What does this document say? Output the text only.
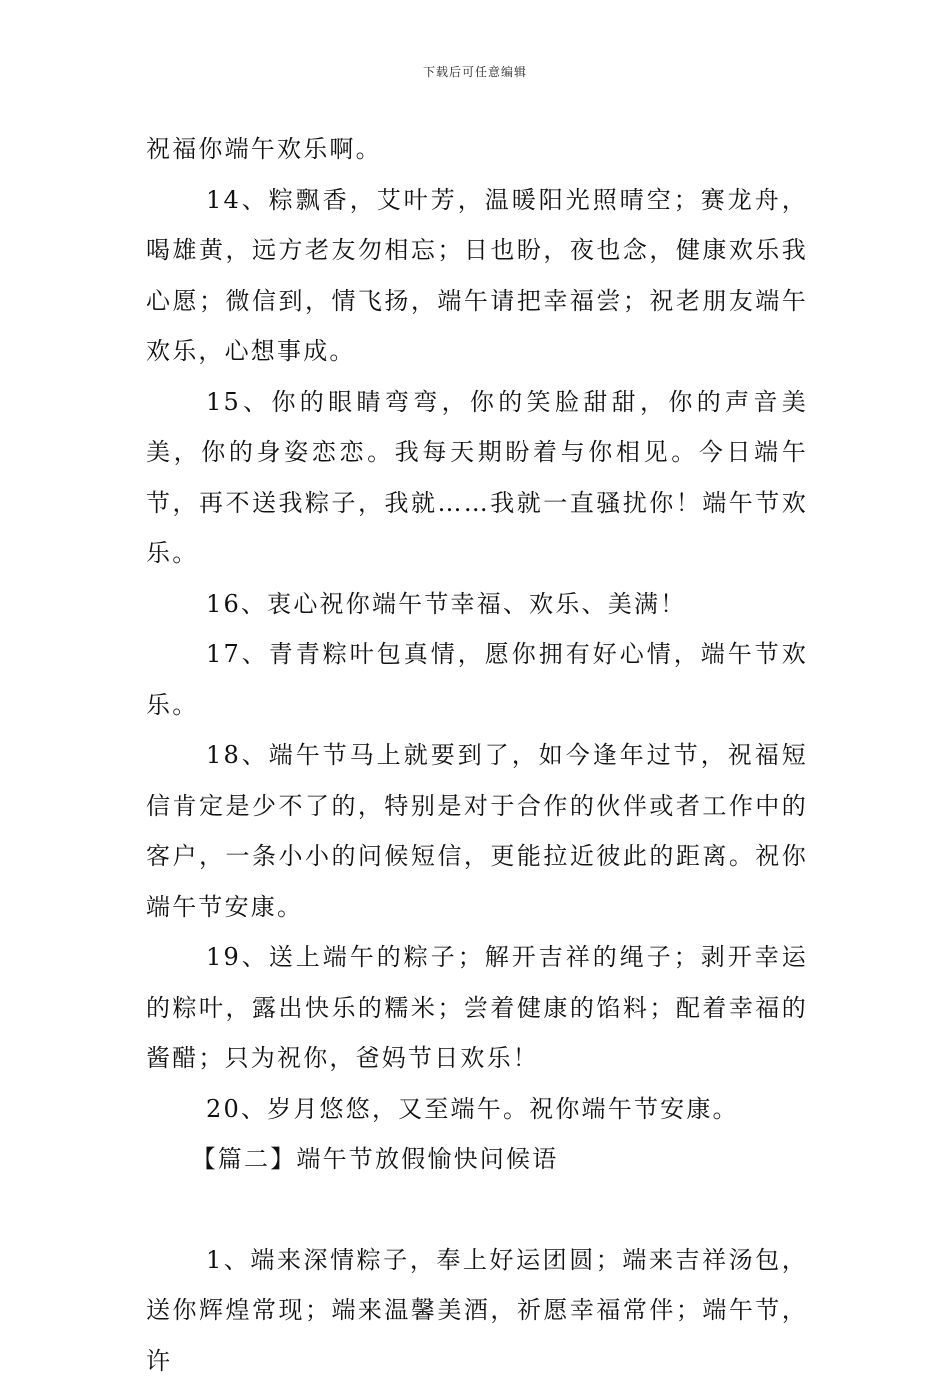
下载后可任意编辑

祝福你端午欢乐啊。

14、粽飘香，艾叶芳，温暖阳光照晴空；赛龙舟，喝雄黄，远方老友勿相忘；日也盼，夜也念，健康欢乐我心愿；微信到，情飞扬，端午请把幸福尝；祝老朋友端午欢乐，心想事成。

15、你的眼睛弯弯，你的笑脸甜甜，你的声音美美，你的身姿恋恋。我每天期盼着与你相见。今日端午节，再不送我粽子，我就……我就一直骚扰你！端午节欢乐。

16、衷心祝你端午节幸福、欢乐、美满！

17、青青粽叶包真情，愿你拥有好心情，端午节欢乐。

18、端午节马上就要到了，如今逢年过节，祝福短信肯定是少不了的，特别是对于合作的伙伴或者工作中的客户，一条小小的问候短信，更能拉近彼此的距离。祝你端午节安康。

19、送上端午的粽子；解开吉祥的绳子；剥开幸运的粽叶，露出快乐的糯米；尝着健康的馅料；配着幸福的酱醋；只为祝你，爸妈节日欢乐！

20、岁月悠悠，又至端午。祝你端午节安康。

【篇二】端午节放假愉快问候语

1、端来深情粽子，奉上好运团圆；端来吉祥汤包，送你辉煌常现；端来温馨美酒，祈愿幸福常伴；端午节，许
